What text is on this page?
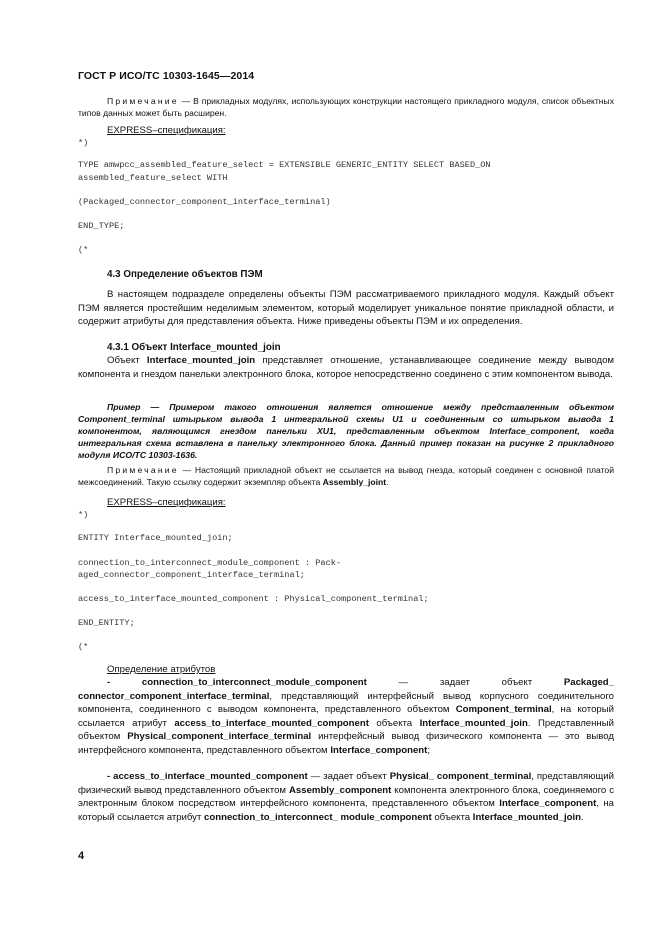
ГОСТ Р ИСО/ТС 10303-1645—2014
Примечание — В прикладных модулях, использующих конструкции настоящего прикладного модуля, список объектных типов данных может быть расширен.
EXPRESS–спецификация:
*)
TYPE amwpcc_assembled_feature_select = EXTENSIBLE GENERIC_ENTITY SELECT BASED_ON
assembled_feature_select WITH
(Packaged_connector_component_interface_terminal)
END_TYPE;
(*
4.3 Определение объектов ПЭМ
В настоящем подразделе определены объекты ПЭМ рассматриваемого прикладного модуля. Каждый объект ПЭМ является простейшим неделимым элементом, который моделирует уникальное понятие прикладной области, и содержит атрибуты для представления объекта. Ниже приведены объекты ПЭМ и их определения.
4.3.1 Объект Interface_mounted_join
Объект Interface_mounted_join представляет отношение, устанавливающее соединение между выводом компонента и гнездом панельки электронного блока, которое непосредственно соединено с этим компонентом вывода.
Пример — Примером такого отношения является отношение между представленным объектом Component_terminal штырьком вывода 1 интегральной схемы U1 и соединенным со штырьком вывода 1 компонентом, являющимся гнездом панельки XU1, представленным объектом Interface_component, когда интегральная схема вставлена в панельку электронного блока. Данный пример показан на рисунке 2 прикладного модуля ИСО/ТС 10303-1636.
Примечание — Настоящий прикладной объект не ссылается на вывод гнезда, который соединен с основной платой межсоединений. Такую ссылку содержит экземпляр объекта Assembly_joint.
EXPRESS–спецификация:
*)
ENTITY Interface_mounted_join;
connection_to_interconnect_module_component : Pack-
aged_connector_component_interface_terminal;
access_to_interface_mounted_component : Physical_component_terminal;
END_ENTITY;
(*
Определение атрибутов
- connection_to_interconnect_module_component — задает объект Packaged_ connector_component_interface_terminal, представляющий интерфейсный вывод корпусного соединительного компонента, соединенного с выводом компонента, представленного объектом Component_terminal, на который ссылается атрибут access_to_interface_mounted_component объекта Interface_mounted_join. Представленный объектом Physical_component_interface_terminal интерфейсный вывод физического компонента — это вывод интерфейсного компонента, представленного объектом Interface_component;
- access_to_interface_mounted_component — задает объект Physical_ component_terminal, представляющий физический вывод представленного объектом Assembly_component компонента электронного блока, соединяемого с электронным блоком посредством интерфейсного компонента, представленного объектом Interface_component, на который ссылается атрибут connection_to_interconnect_ module_component объекта Interface_mounted_join.
4
